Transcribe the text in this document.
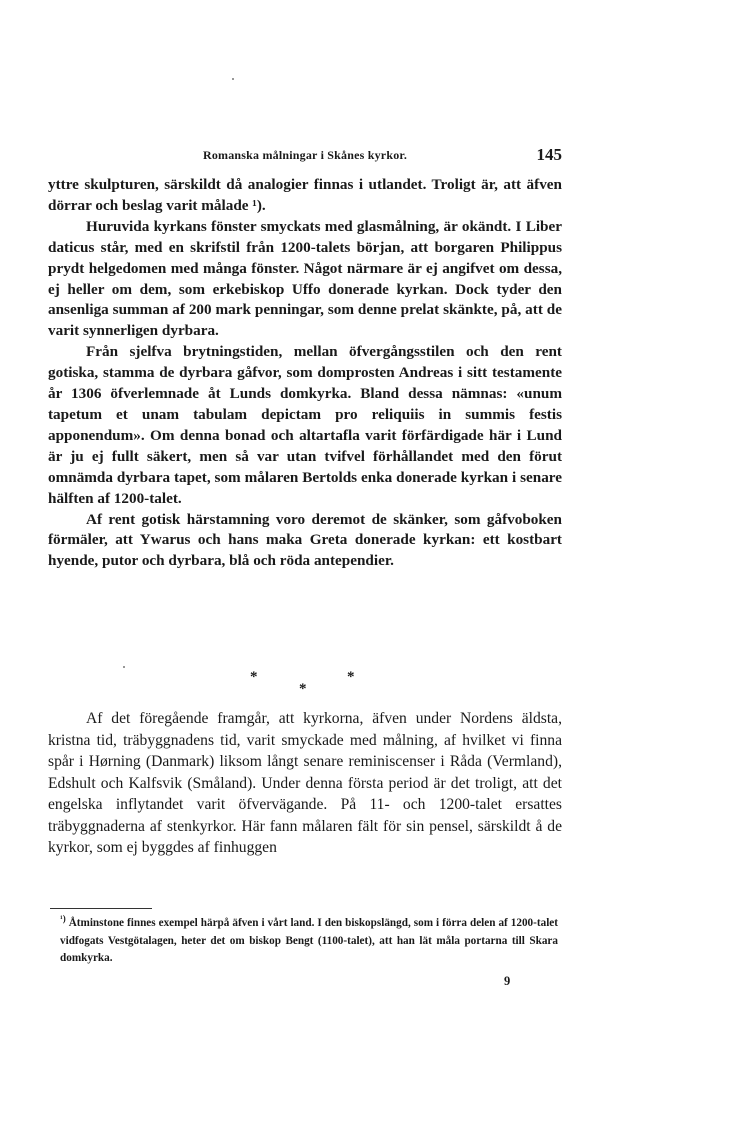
Romanska målningar i Skånes kyrkor.	145

yttre skulpturen, särskildt då analogier finnas i utlandet. Troligt är, att äfven dörrar och beslag varit målade ¹).

Huruvida kyrkans fönster smyckats med glasmålning, är okändt. I Liber daticus står, med en skrifstil från 1200-talets början, att borgaren Philippus prydt helgedomen med många fönster. Något närmare är ej angifvet om dessa, ej heller om dem, som erkebiskop Uffo donerade kyrkan. Dock tyder den ansenliga summan af 200 mark penningar, som denne prelat skänkte, på, att de varit synnerligen dyrbara.

Från sjelfva brytningstiden, mellan öfvergångsstilen och den rent gotiska, stamma de dyrbara gåfvor, som domprosten Andreas i sitt testamente år 1306 öfverlemnade åt Lunds domkyrka. Bland dessa nämnas: «unum tapetum et unam tabulam depictam pro reliquiis in summis festis apponendum». Om denna bonad och altartafla varit förfärdigade här i Lund är ju ej fullt säkert, men så var utan tvifvel förhållandet med den förut omnämda dyrbara tapet, som målaren Bertolds enka donerade kyrkan i senare hälften af 1200-talet.

Af rent gotisk härstamning voro deremot de skänker, som gåfvoboken förmäler, att Ywarus och hans maka Greta donerade kyrkan: ett kostbart hyende, putor och dyrbara, blå och röda antependier.

*
*
*

Af det föregående framgår, att kyrkorna, äfven under Nordens äldsta, kristna tid, träbyggnadens tid, varit smyckade med målning, af hvilket vi finna spår i Hørning (Danmark) liksom långt senare reminiscenser i Råda (Vermland), Edshult och Kalfsvik (Småland). Under denna första period är det troligt, att det engelska inflytandet varit öfvervägande. På 11- och 1200-talet ersattes träbyggnaderna af stenkyrkor. Här fann målaren fält för sin pensel, särskildt å de kyrkor, som ej byggdes af finhuggen

$^{^1)}$ Åtminstone finnes exempel härpå äfven i vårt land. I den biskopslängd, som i förra delen af 1200-talet vidfogats Vestgötalagen, heter det om biskop Bengt (1100-talet), att han lät måla portarna till Skara domkyrka.
9
